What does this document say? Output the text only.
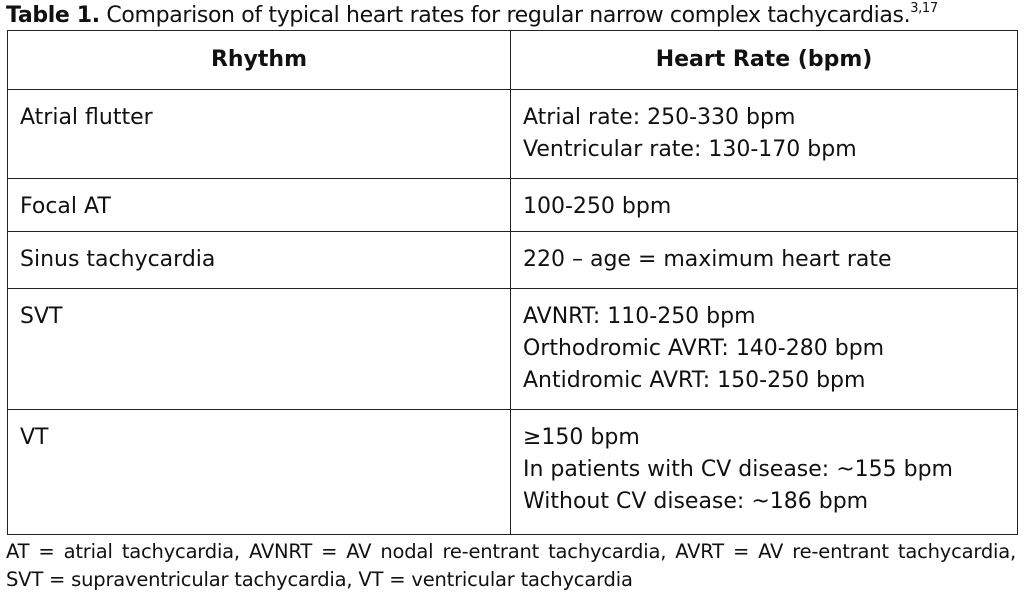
Table 1. Comparison of typical heart rates for regular narrow complex tachycardias.$^{3,17}$
Rhythm	Heart Rate (bpm)
Atrial flutter	Atrial rate: 250-330 bpm
Ventricular rate: 130-170 bpm

Focal AT	100-250 bpm

Sinus tachycardia	220 – age = maximum heart rate

SVT	AVNRT: 110-250 bpm
Orthodromic AVRT: 140-280 bpm
Antidromic AVRT: 150-250 bpm

VT	≥150 bpm
In patients with CV disease: ~155 bpm
Without CV disease: ~186 bpm
AT = atrial tachycardia, AVNRT = AV nodal re-entrant tachycardia, AVRT = AV re-entrant tachycardia, SVT = supraventricular tachycardia, VT = ventricular tachycardia
